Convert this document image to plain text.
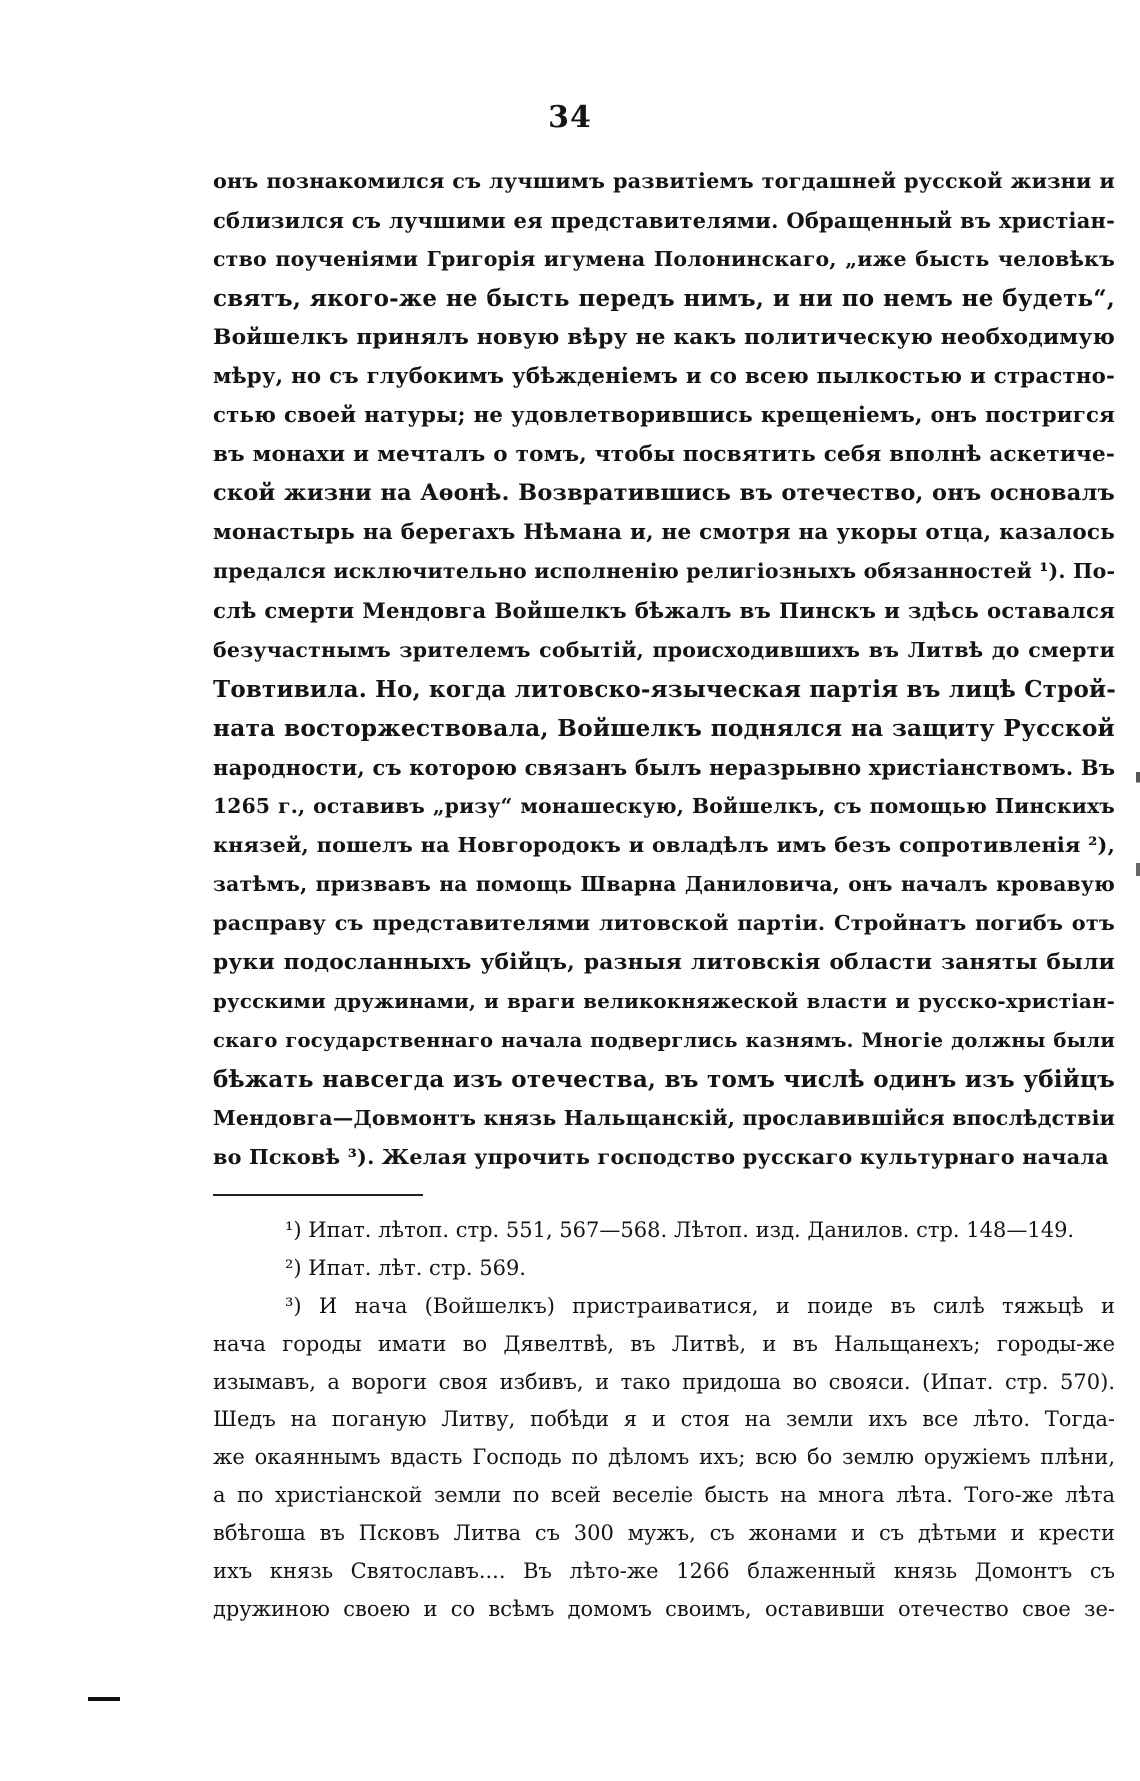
34
онъ познакомился съ лучшимъ развитіемъ тогдашней русской жизни и
сблизился съ лучшими ея представителями. Обращенный въ христіан-
ство поученіями Григорія игумена Полонинскаго, „иже бысть человѣкъ
святъ, якого-же не бысть передъ нимъ, и ни по немъ не будеть“,
Войшелкъ принялъ новую вѣру не какъ политическую необходимую
мѣру, но съ глубокимъ убѣжденіемъ и со всею пылкостью и страстно-
стью своей натуры; не удовлетворившись крещеніемъ, онъ постригся
въ монахи и мечталъ о томъ, чтобы посвятить себя вполнѣ аскетиче-
ской жизни на Аѳонѣ. Возвратившись въ отечество, онъ основалъ
монастырь на берегахъ Нѣмана и, не смотря на укоры отца, казалось
предался исключительно исполненію религіозныхъ обязанностей ¹). По-
слѣ смерти Мендовга Войшелкъ бѣжалъ въ Пинскъ и здѣсь оставался
безучастнымъ зрителемъ событій, происходившихъ въ Литвѣ до смерти
Товтивила. Но, когда литовско-языческая партія въ лицѣ Строй-
ната восторжествовала, Войшелкъ поднялся на защиту Русской
народности, съ которою связанъ былъ неразрывно христіанствомъ. Въ
1265 г., оставивъ „ризу“ монашескую, Войшелкъ, съ помощью Пинскихъ
князей, пошелъ на Новгородокъ и овладѣлъ имъ безъ сопротивленія ²),
затѣмъ, призвавъ на помощь Шварна Даниловича, онъ началъ кровавую
расправу съ представителями литовской партіи. Стройнатъ погибъ отъ
руки подосланныхъ убійцъ, разныя литовскія области заняты были
русскими дружинами, и враги великокняжеской власти и русско-христіан-
скаго государственнаго начала подверглись казнямъ. Многіе должны были
бѣжать навсегда изъ отечества, въ томъ числѣ одинъ изъ убійцъ
Мендовга—Довмонтъ князь Нальщанскій, прославившійся впослѣдствіи
во Псковѣ ³). Желая упрочить господство русскаго культурнаго начала
¹) Ипат. лѣтоп. стр. 551, 567—568. Лѣтоп. изд. Данилов. стр. 148—149.
²) Ипат. лѣт. стр. 569.
³) И нача (Войшелкъ) пристраиватися, и поиде въ силѣ тяжьцѣ и
нача городы имати во Дявелтвѣ, въ Литвѣ, и въ Нальщанехъ; городы-же
изымавъ, а вороги своя избивъ, и тако придоша во свояси. (Ипат. стр. 570).
Шедъ на поганую Литву, побѣди я и стоя на земли ихъ все лѣто. Тогда-
же окаяннымъ вдасть Господь по дѣломъ ихъ; всю бо землю оружіемъ плѣни,
а по христіанской земли по всей веселіе бысть на многа лѣта. Того-же лѣта
вбѣгоша въ Псковъ Литва съ 300 мужъ, съ жонами и съ дѣтьми и крести
ихъ князь Святославъ.... Въ лѣто-же 1266 блаженный князь Домонтъ съ
дружиною своею и со всѣмъ домомъ своимъ, оставивши отечество свое зе-
